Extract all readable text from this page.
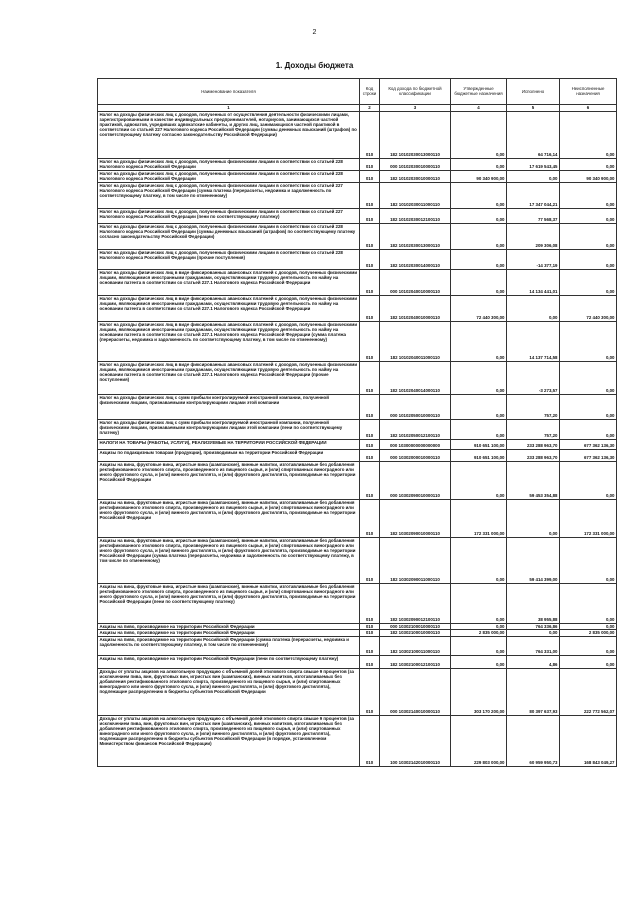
2
1. Доходы бюджета
Наименование показателя	Код строки	Код дохода по бюджетной классификации	Утвержденные бюджетные назначения	Исполнено	Неисполненные назначения
1	2	3	4	5	6
Налог на доходы физических лиц с доходов, полученных от осуществления деятельности физическими лицами, зарегистрированными в качестве индивидуальных предпринимателей, нотариусов, занимающихся частной практикой, адвокатов, учредивших адвокатские кабинеты, и других лиц, занимающихся частной практикой в соответствии со статьей 227 Налогового кодекса Российской Федерации (суммы денежных взысканий (штрафов) по соответствующему платежу согласно законодательству Российской Федерации)	010	182 10102030013000110	0,00	64 716,14	0,00
Налог на доходы физических лиц с доходов, полученных физическими лицами в соответствии со статьей 228 Налогового кодекса Российской Федерации	010	000 10102030010000110	0,00	17 619 543,45	0,00
Налог на доходы физических лиц с доходов, полученных физическими лицами в соответствии со статьей 228 Налогового кодекса Российской Федерации	010	182 10102030010000110	90 340 900,00	0,00	90 340 900,00
Налог на доходы физических лиц с доходов, полученных физическими лицами в соответствии со статьей 227 Налогового кодекса Российской Федерации (сумма платежа (перерасчеты, недоимка и задолженность по соответствующему платежу, в том числе по отмененному)	010	182 10102030011000110	0,00	17 347 044,21	0,00
Налог на доходы физических лиц с доходов, полученных физическими лицами в соответствии со статьей 227 Налогового кодекса Российской Федерации (пени по соответствующему платежу)	010	182 10102030012100110	0,00	77 568,37	0,00
Налог на доходы физических лиц с доходов, полученных физическими лицами в соответствии со статьей 228 Налогового кодекса Российской Федерации (суммы денежных взысканий (штрафов) по соответствующему платежу согласно законодательству Российской Федерации)	010	182 10102030013000110	0,00	209 306,08	0,00
Налог на доходы физических лиц с доходов, полученных физическими лицами в соответствии со статьей 228 Налогового кодекса Российской Федерации (прочие поступления)	010	182 10102030014000110	0,00	-14 377,19	0,00
Налог на доходы физических лиц в виде фиксированных авансовых платежей с доходов, полученных физическими лицами, являющимися иностранными гражданами, осуществляющими трудовую деятельность по найму на основании патента в соответствии со статьей 227.1 Налогового кодекса Российской Федерации	010	000 10102040010000110	0,00	14 134 441,01	0,00
Налог на доходы физических лиц в виде фиксированных авансовых платежей с доходов, полученных физическими лицами, являющимися иностранными гражданами, осуществляющими трудовую деятельность по найму на основании патента в соответствии со статьей 227.1 Налогового кодекса Российской Федерации	010	182 10102040010000110	72 440 300,00	0,00	72 440 300,00
Налог на доходы физических лиц в виде фиксированных авансовых платежей с доходов, полученных физическими лицами, являющимися иностранными гражданами, осуществляющими трудовую деятельность по найму на основании патента в соответствии со статьей 227.1 Налогового кодекса Российской Федерации (сумма платежа (перерасчеты, недоимка и задолженность по соответствующему платежу, в том числе по отмененному)	010	182 10102040011000110	0,00	14 137 714,58	0,00
Налог на доходы физических лиц в виде фиксированных авансовых платежей с доходов, полученных физическими лицами, являющимися иностранными гражданами, осуществляющими трудовую деятельность по найму на основании патента в соответствии со статьей 227.1 Налогового кодекса Российской Федерации (прочие поступления)	010	182 10102040014000110	0,00	-3 273,57	0,00
Налог на доходы физических лиц с сумм прибыли контролируемой иностранной компании, полученной физическими лицами, признаваемыми контролирующими лицами этой компании	010	000 10102050010000110	0,00	757,20	0,00
Налог на доходы физических лиц с сумм прибыли контролируемой иностранной компании, полученной физическими лицами, признаваемыми контролирующими лицами этой компании (пени по соответствующему платежу)	010	182 10102050012100110	0,00	757,20	0,00
НАЛОГИ НА ТОВАРЫ (РАБОТЫ, УСЛУГИ), РЕАЛИЗУЕМЫЕ НА ТЕРРИТОРИИ РОССИЙСКОЙ ФЕДЕРАЦИИ	010	000 10300000000000000	910 651 100,00	233 288 963,70	677 362 136,30
Акцизы по подакцизным товарам (продукции), производимым на территории Российской Федерации	010	000 10302000010000110	910 651 100,00	233 288 963,70	677 362 136,30
Акцизы на вина, фруктовые вина, игристые вина (шампанские), винные напитки, изготавливаемые без добавления ректификованного этилового спирта, произведенного из пищевого сырья, и (или) спиртованных виноградного или иного фруктового сусла, и (или) винного дистиллята, и (или) фруктового дистиллята, производимые на территории Российской Федерации	010	000 10302090010000110	0,00	59 453 354,88	0,00
Акцизы на вина, фруктовые вина, игристые вина (шампанские), винные напитки, изготавливаемые без добавления ректификованного этилового спирта, произведенного из пищевого сырья, и (или) спиртованных виноградного или иного фруктового сусла, и (или) винного дистиллята, и (или) фруктового дистиллята, производимые на территории Российской Федерации	010	182 10302090010000110	172 331 000,00	0,00	172 331 000,00
Акцизы на вина, фруктовые вина, игристые вина (шампанские), винные напитки, изготавливаемые без добавления ректификованного этилового спирта, произведенного из пищевого сырья, и (или) спиртованных виноградного или иного фруктового сусла, и (или) винного дистиллята, и (или) фруктового дистиллята, производимые на территории Российской Федерации (сумма платежа (перерасчеты, недоимка и задолженность по соответствующему платежу, в том числе по отмененному)	010	182 10302090011000110	0,00	59 414 399,00	0,00
Акцизы на вина, фруктовые вина, игристые вина (шампанские), винные напитки, изготавливаемые без добавления ректификованного этилового спирта, произведенного из пищевого сырья, и (или) спиртованных виноградного или иного фруктового сусла, и (или) винного дистиллята, и (или) фруктового дистиллята, производимые на территории Российской Федерации (пени по соответствующему платежу)	010	182 10302090012100110	0,00	38 955,88	0,00
Акцизы на пиво, производимое на территории Российской Федерации	010	000 10302100010000110	0,00	764 336,86	0,00
Акцизы на пиво, производимое на территории Российской Федерации	010	182 10302100010000110	2 835 000,00	0,00	2 835 000,00
Акцизы на пиво, производимое на территории Российской Федерации (сумма платежа (перерасчеты, недоимка и задолженность по соответствующему платежу, в том числе по отмененному)	010	182 10302100011000110	0,00	764 331,00	0,00
Акцизы на пиво, производимое на территории Российской Федерации (пени по соответствующему платежу)	010	182 10302100012100110	0,00	4,86	0,00
Доходы от уплаты акцизов на алкогольную продукцию с объемной долей этилового спирта свыше 9 процентов (за исключением пива, вин, фруктовых вин, игристых вин (шампанских), винных напитков, изготавливаемых без добавления ректификованного этилового спирта, произведенного из пищевого сырья, и (или) спиртованных виноградного или иного фруктового сусла, и (или) винного дистиллята, и (или) фруктового дистиллята), подлежащие распределению в бюджеты субъектов Российской Федерации	010	000 10302140010000110	303 170 200,00	80 397 637,93	222 772 562,07
Доходы от уплаты акцизов на алкогольную продукцию с объемной долей этилового спирта свыше 9 процентов (за исключением пива, вин, фруктовых вин, игристых вин (шампанских), винных напитков, изготавливаемых без добавления ректификованного этилового спирта, произведенного из пищевого сырья, и (или) спиртованных виноградного или иного фруктового сусла, и (или) винного дистиллята, и (или) фруктового дистиллята), подлежащие распределению в бюджеты субъектов Российской Федерации (в порядке, установленном Министерством финансов Российской Федерации)	010	100 10302142010000110	229 803 000,00	60 959 950,73	168 843 049,27
